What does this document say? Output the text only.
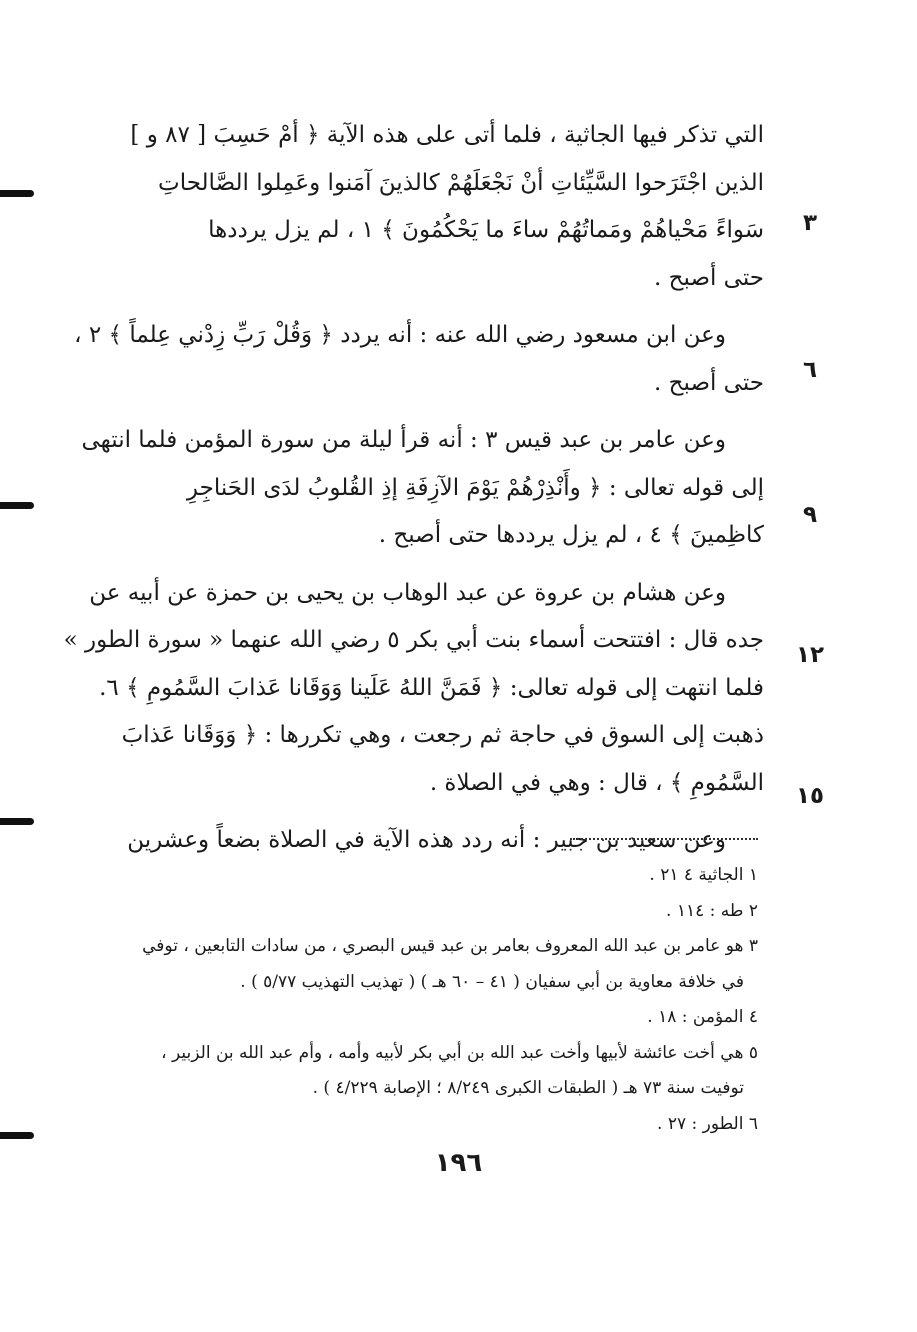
التي تذكر فيها الجاثية ، فلما أتى على هذه الآية ﴿ أمْ حَسِبَ [ ٨٧ و ]
الذين اجْتَرَحوا السَّيِّئاتِ أنْ نَجْعَلَهُمْ كالذينَ آمَنوا وعَمِلوا الصَّالحاتِ
سَواءً مَحْياهُمْ ومَماتُهُمْ ساءَ ما يَحْكُمُونَ ﴾ ١ ، لم يزل يرددها
حتى أصبح .
وعن ابن مسعود رضي الله عنه : أنه يردد ﴿ وَقُلْ رَبِّ زِدْني عِلماً ﴾ ٢ ،
حتى أصبح .
وعن عامر بن عبد قيس ٣ : أنه قرأ ليلة من سورة المؤمن فلما انتهى
إلى قوله تعالى : ﴿ وأَنْذِرْهُمْ يَوْمَ الآزِفَةِ إذِ القُلوبُ لدَى الحَناجِرِ
كاظِمينَ ﴾ ٤ ، لم يزل يرددها حتى أصبح .
وعن هشام بن عروة عن عبد الوهاب بن يحيى بن حمزة عن أبيه عن
جده قال : افتتحت أسماء بنت أبي بكر ٥ رضي الله عنهما « سورة الطور »
فلما انتهت إلى قوله تعالى: ﴿ فَمَنَّ اللهُ عَلَينا وَوَقَانا عَذابَ السَّمُومِ ﴾ ٦.
ذهبت إلى السوق في حاجة ثم رجعت ، وهي تكررها : ﴿ وَوَقَانا عَذابَ
السَّمُومِ ﴾ ، قال : وهي في الصلاة .
وعن سعيد بن جبير : أنه ردد هذه الآية في الصلاة بضعاً وعشرين
٣
٦
٩
١٢
١٥
١ الجاثية ٤ ٢١ .
٢ طه : ١١٤ .
٣ هو عامر بن عبد الله المعروف بعامر بن عبد قيس البصري ، من سادات التابعين ، توفي
في خلافة معاوية بن أبي سفيان ( ٤١ – ٦٠ هـ ) ( تهذيب التهذيب ٥/٧٧ ) .
٤ المؤمن : ١٨ .
٥ هي أخت عائشة لأبيها وأخت عبد الله بن أبي بكر لأبيه وأمه ، وأم عبد الله بن الزبير ،
توفيت سنة ٧٣ هـ ( الطبقات الكبرى ٨/٢٤٩ ؛ الإصابة ٤/٢٢٩ ) .
٦ الطور : ٢٧ .
١٩٦
